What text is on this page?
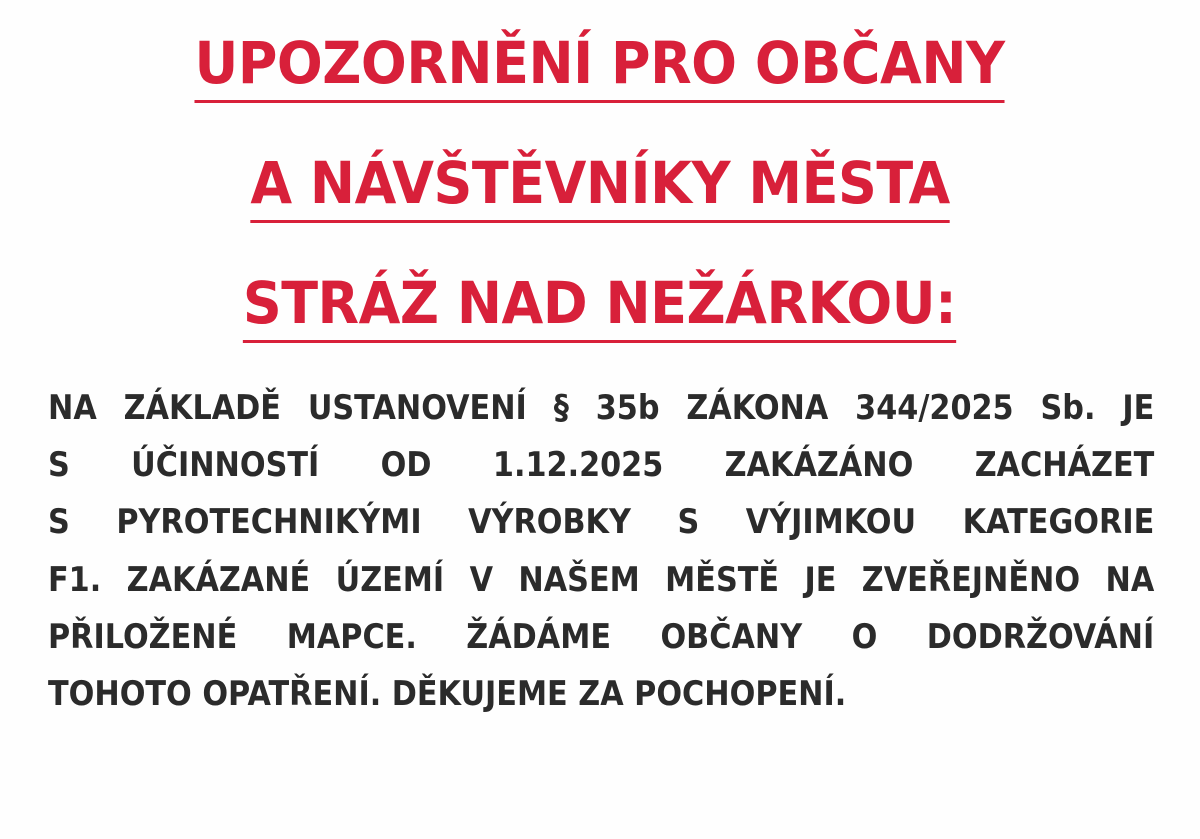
UPOZORNĚNÍ PRO OBČANY
A NÁVŠTĚVNÍKY MĚSTA
STRÁŽ NAD NEŽÁRKOU:
NA ZÁKLADĚ USTANOVENÍ § 35b ZÁKONA 344/2025 Sb. JE
S ÚČINNOSTÍ OD 1.12.2025 ZAKÁZÁNO ZACHÁZET
S PYROTECHNIKÝMI VÝROBKY S VÝJIMKOU KATEGORIE
F1. ZAKÁZANÉ ÚZEMÍ V NAŠEM MĚSTĚ JE ZVEŘEJNĚNO NA
PŘILOŽENÉ MAPCE. ŽÁDÁME OBČANY O DODRŽOVÁNÍ
TOHOTO OPATŘENÍ. DĚKUJEME ZA POCHOPENÍ.
